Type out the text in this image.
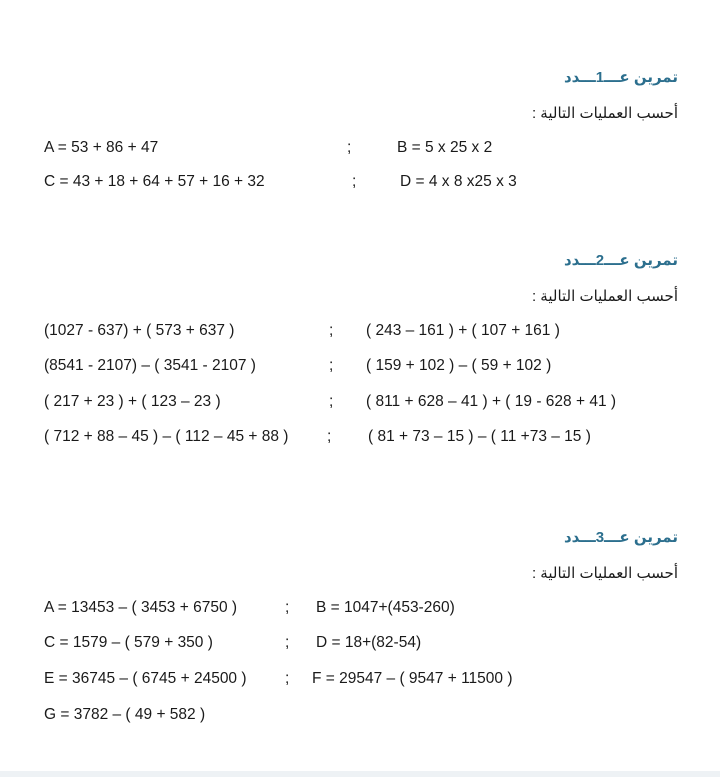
تمرين عـــ1ـــدد
أحسب العمليات التالية :
A = 53 + 86 + 47	;	B = 5 x 25 x 2
C = 43 + 18 + 64 + 57 + 16 + 32	;	D = 4 x 8 x25 x 3
تمرين عـــ2ـــدد
أحسب العمليات التالية :
(1027 - 637) + ( 573 + 637 )	; ( 243 – 161 ) + ( 107 + 161 )
(8541 - 2107) – ( 3541 - 2107 )	; ( 159 + 102 ) – ( 59 + 102 )
( 217 + 23 ) + ( 123 – 23 )	; ( 811 + 628 – 41 ) + ( 19 - 628 + 41 )
( 712 + 88 – 45 ) – ( 112 – 45 + 88 ) ; ( 81 + 73 – 15 ) – ( 11 +73 – 15 )
تمرين عـــ3ـــدد
أحسب العمليات التالية :
A = 13453 – ( 3453 + 6750 )	; B = 1047+(453-260)
C = 1579 – ( 579 + 350 )	; D = 18+(82-54)
E = 36745 – ( 6745 + 24500 ) ; F = 29547 – ( 9547 + 11500 )
G = 3782 – ( 49 + 582 )
